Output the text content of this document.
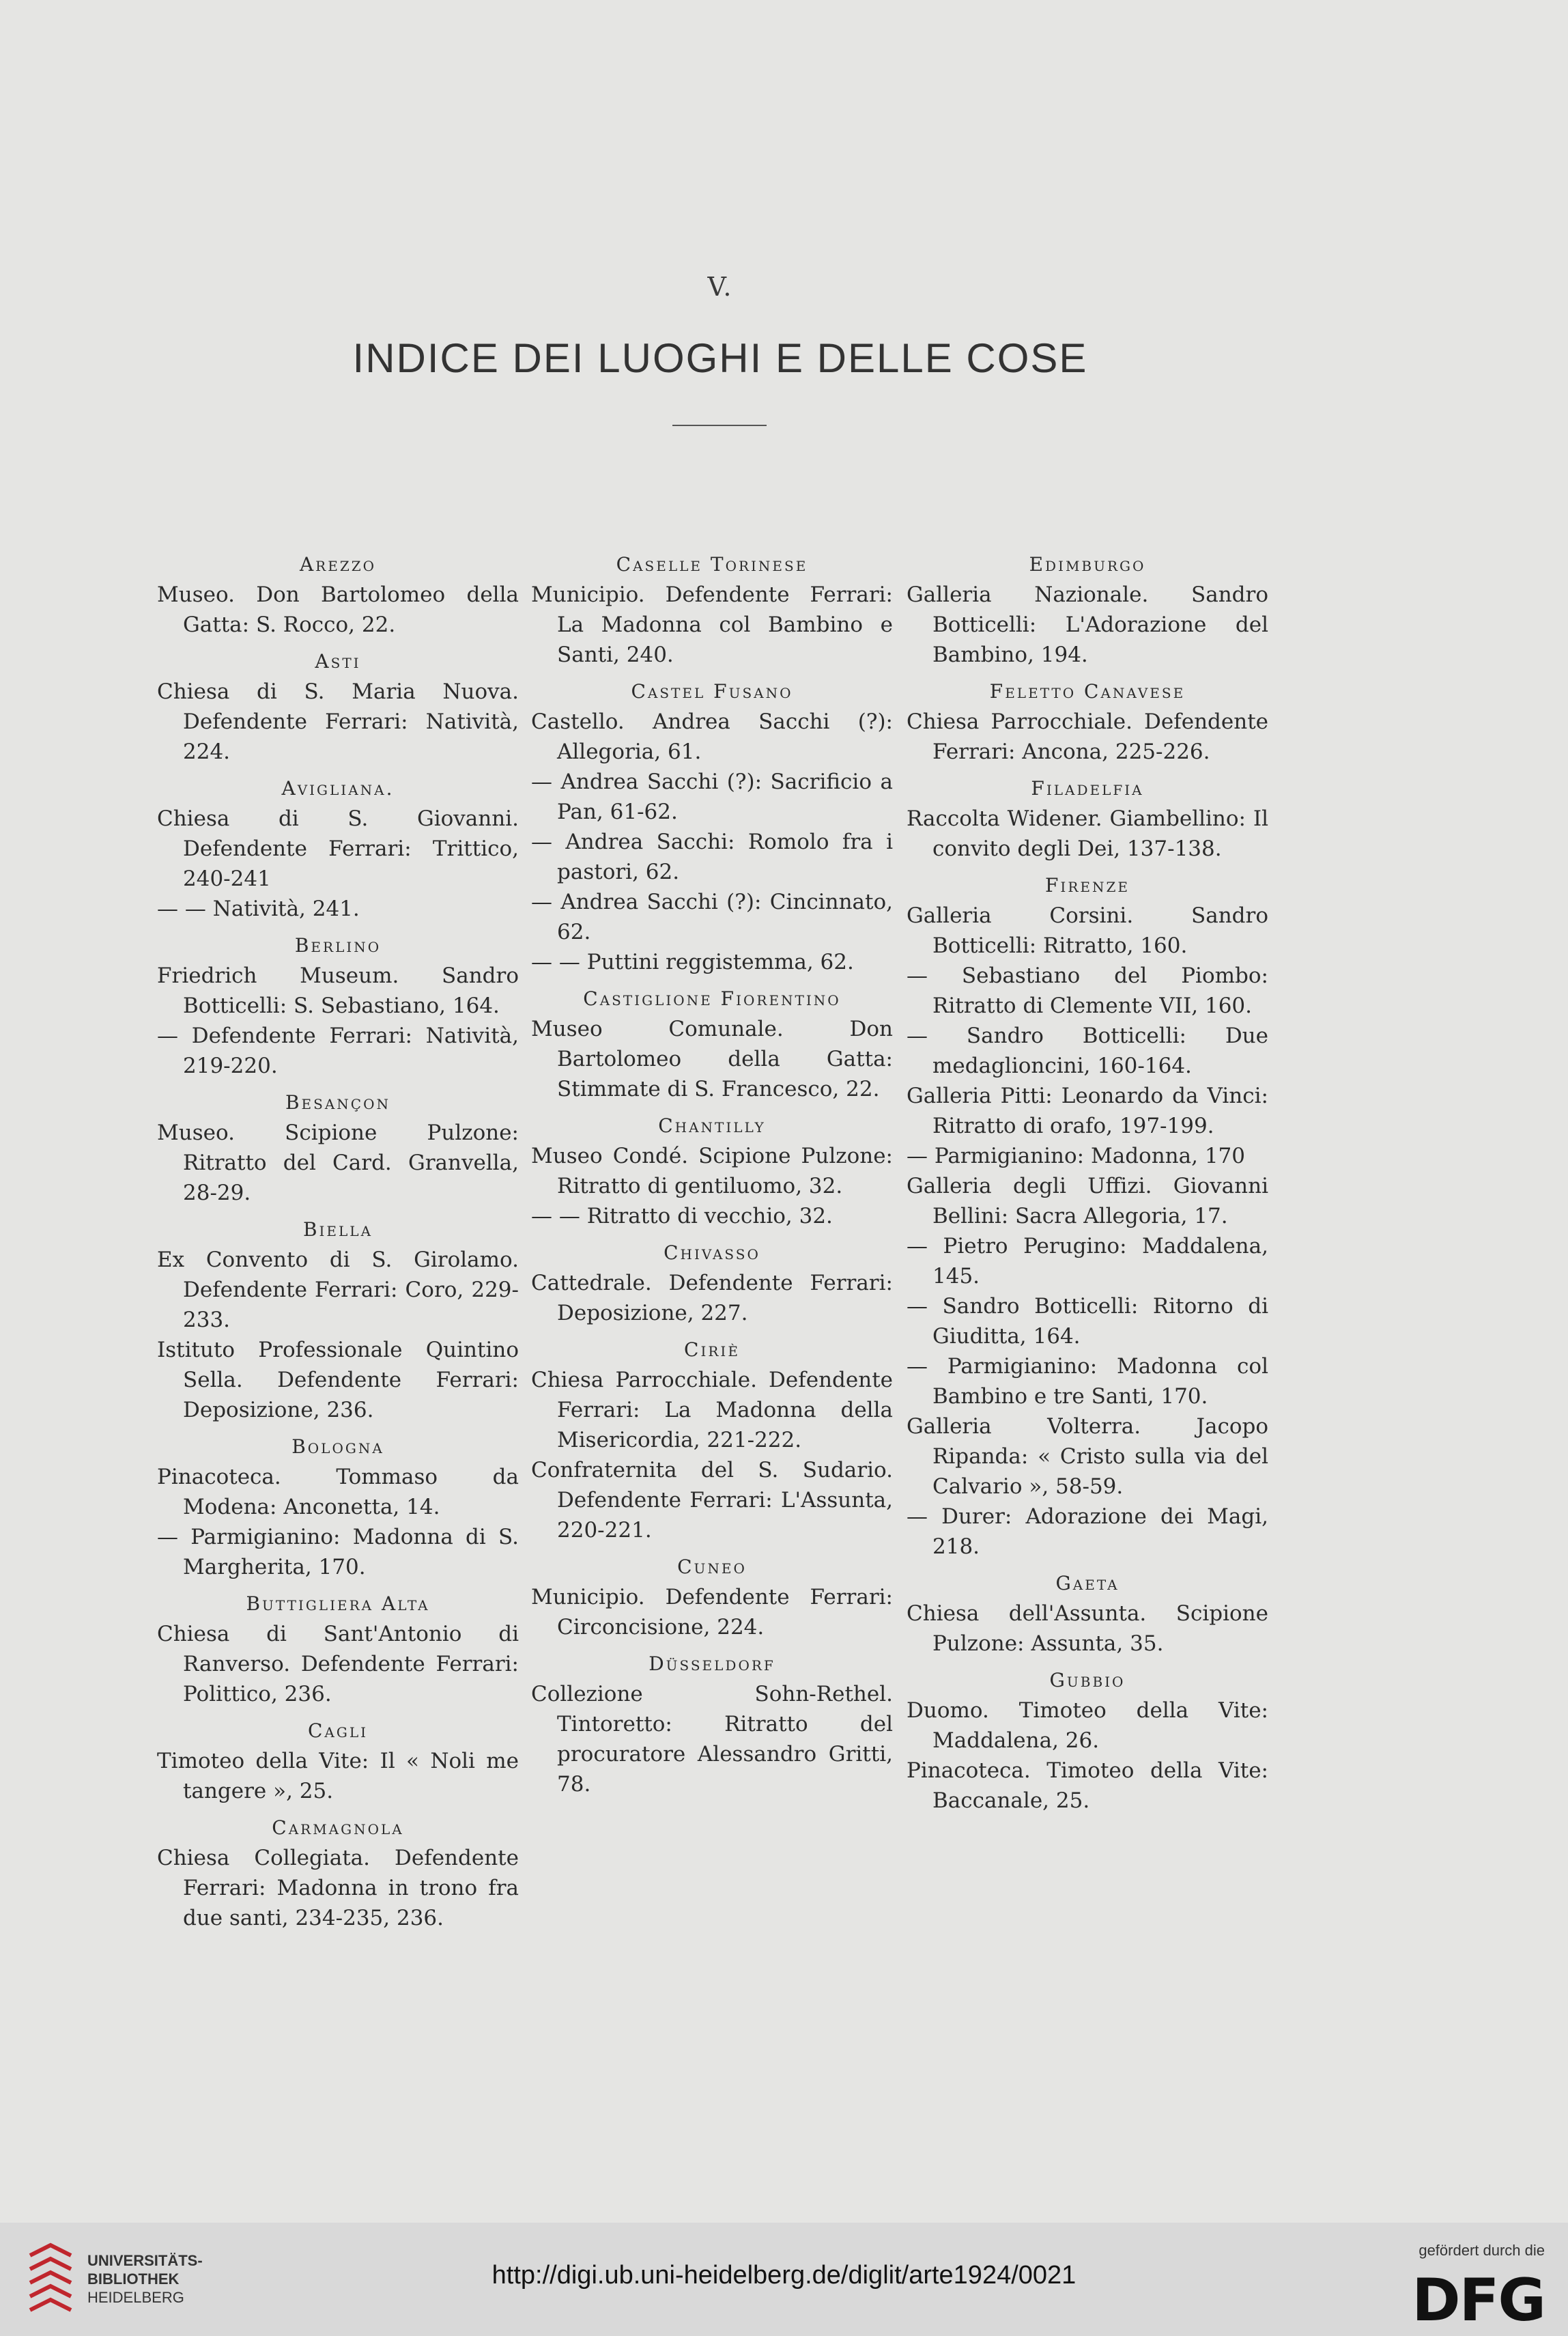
V.
INDICE DEI LUOGHI E DELLE COSE
Arezzo

Museo. Don Bartolomeo della Gatta: S. Rocco, 22.

Asti

Chiesa di S. Maria Nuova. Defendente Ferrari: Natività, 224.

Avigliana.

Chiesa di S. Giovanni. Defendente Ferrari: Trittico, 240-241

— — Natività, 241.

Berlino

Friedrich Museum. Sandro Botticelli: S. Sebastiano, 164.

— Defendente Ferrari: Natività, 219-220.

Besançon

Museo. Scipione Pulzone: Ritratto del Card. Granvella, 28-29.

Biella

Ex Convento di S. Girolamo. Defendente Ferrari: Coro, 229-233.

Istituto Professionale Quintino Sella. Defendente Ferrari: Deposizione, 236.

Bologna

Pinacoteca. Tommaso da Modena: Anconetta, 14.

— Parmigianino: Madonna di S. Margherita, 170.

Buttigliera Alta

Chiesa di Sant'Antonio di Ranverso. Defendente Ferrari: Polittico, 236.

Cagli

Timoteo della Vite: Il « Noli me tangere », 25.

Carmagnola

Chiesa Collegiata. Defendente Ferrari: Madonna in trono fra due santi, 234-235, 236.

Caselle Torinese

Municipio. Defendente Ferrari: La Madonna col Bambino e Santi, 240.

Castel Fusano

Castello. Andrea Sacchi (?): Allegoria, 61.

— Andrea Sacchi (?): Sacrificio a Pan, 61-62.

— Andrea Sacchi: Romolo fra i pastori, 62.

— Andrea Sacchi (?): Cincinnato, 62.

— — Puttini reggistemma, 62.

Castiglione Fiorentino

Museo Comunale. Don Bartolomeo della Gatta: Stimmate di S. Francesco, 22.

Chantilly

Museo Condé. Scipione Pulzone: Ritratto di gentiluomo, 32.

— — Ritratto di vecchio, 32.

Chivasso

Cattedrale. Defendente Ferrari: Deposizione, 227.

Ciriè

Chiesa Parrocchiale. Defendente Ferrari: La Madonna della Misericordia, 221-222.

Confraternita del S. Sudario. Defendente Ferrari: L'Assunta, 220-221.

Cuneo

Municipio. Defendente Ferrari: Circoncisione, 224.

Düsseldorf

Collezione Sohn-Rethel. Tintoretto: Ritratto del procuratore Alessandro Gritti, 78.

Edimburgo

Galleria Nazionale. Sandro Botticelli: L'Adorazione del Bambino, 194.

Feletto Canavese

Chiesa Parrocchiale. Defendente Ferrari: Ancona, 225-226.

Filadelfia

Raccolta Widener. Giambellino: Il convito degli Dei, 137-138.

Firenze

Galleria Corsini. Sandro Botticelli: Ritratto, 160.

— Sebastiano del Piombo: Ritratto di Clemente VII, 160.

— Sandro Botticelli: Due medaglioncini, 160-164.

Galleria Pitti: Leonardo da Vinci: Ritratto di orafo, 197-199.

— Parmigianino: Madonna, 170

Galleria degli Uffizi. Giovanni Bellini: Sacra Allegoria, 17.

— Pietro Perugino: Maddalena, 145.

— Sandro Botticelli: Ritorno di Giuditta, 164.

— Parmigianino: Madonna col Bambino e tre Santi, 170.

Galleria Volterra. Jacopo Ripanda: « Cristo sulla via del Calvario », 58-59.

— Durer: Adorazione dei Magi, 218.

Gaeta

Chiesa dell'Assunta. Scipione Pulzone: Assunta, 35.

Gubbio

Duomo. Timoteo della Vite: Maddalena, 26.

Pinacoteca. Timoteo della Vite: Baccanale, 25.

UNIVERSITÄTS-
BIBLIOTHEK
HEIDELBERG
http://digi.ub.uni-heidelberg.de/diglit/arte1924/0021
gefördert durch die
DFG
